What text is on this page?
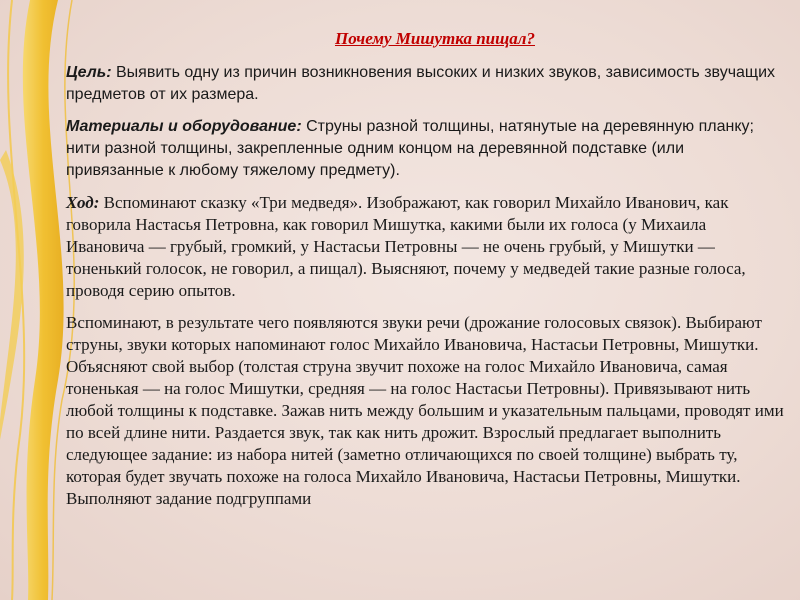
Почему Мишутка пищал?

Цель: Выявить одну из причин возникновения высоких и низких звуков, зависимость звучащих предметов от их размера.

Материалы и оборудование: Струны разной толщины, натянутые на деревянную планку; нити разной толщины, закрепленные одним концом на деревянной подставке (или привязанные к любому тяжелому предмету).

Ход: Вспоминают сказку «Три медведя». Изображают, как говорил Михайло Иванович, как говорила Настасья Петровна, как говорил Мишутка, какими были их голоса (у Михаила Ивановича — грубый, громкий, у Настасьи Петровны — не очень грубый, у Мишутки — тоненький голосок, не говорил, а пищал). Выясняют, почему у медведей такие разные голоса, проводя серию опытов.

Вспоминают, в результате чего появляются звуки речи (дрожание голосовых связок). Выбирают струны, звуки которых напоминают голос Михайло Ивановича, Настасьи Петровны, Мишутки. Объясняют свой выбор (толстая струна звучит похоже на голос Михайло Ивановича, самая тоненькая — на голос Мишутки, средняя — на голос Настасьи Петровны). Привязывают нить любой толщины к подставке. Зажав нить между большим и указательным пальцами, проводят ими по всей длине нити. Раздается звук, так как нить дрожит. Взрослый предлагает выполнить следующее задание: из набора нитей (заметно отличающихся по своей толщине) выбрать ту, которая будет звучать похоже на голоса Михайло Ивановича, Настасьи Петровны, Мишутки. Выполняют задание подгруппами
